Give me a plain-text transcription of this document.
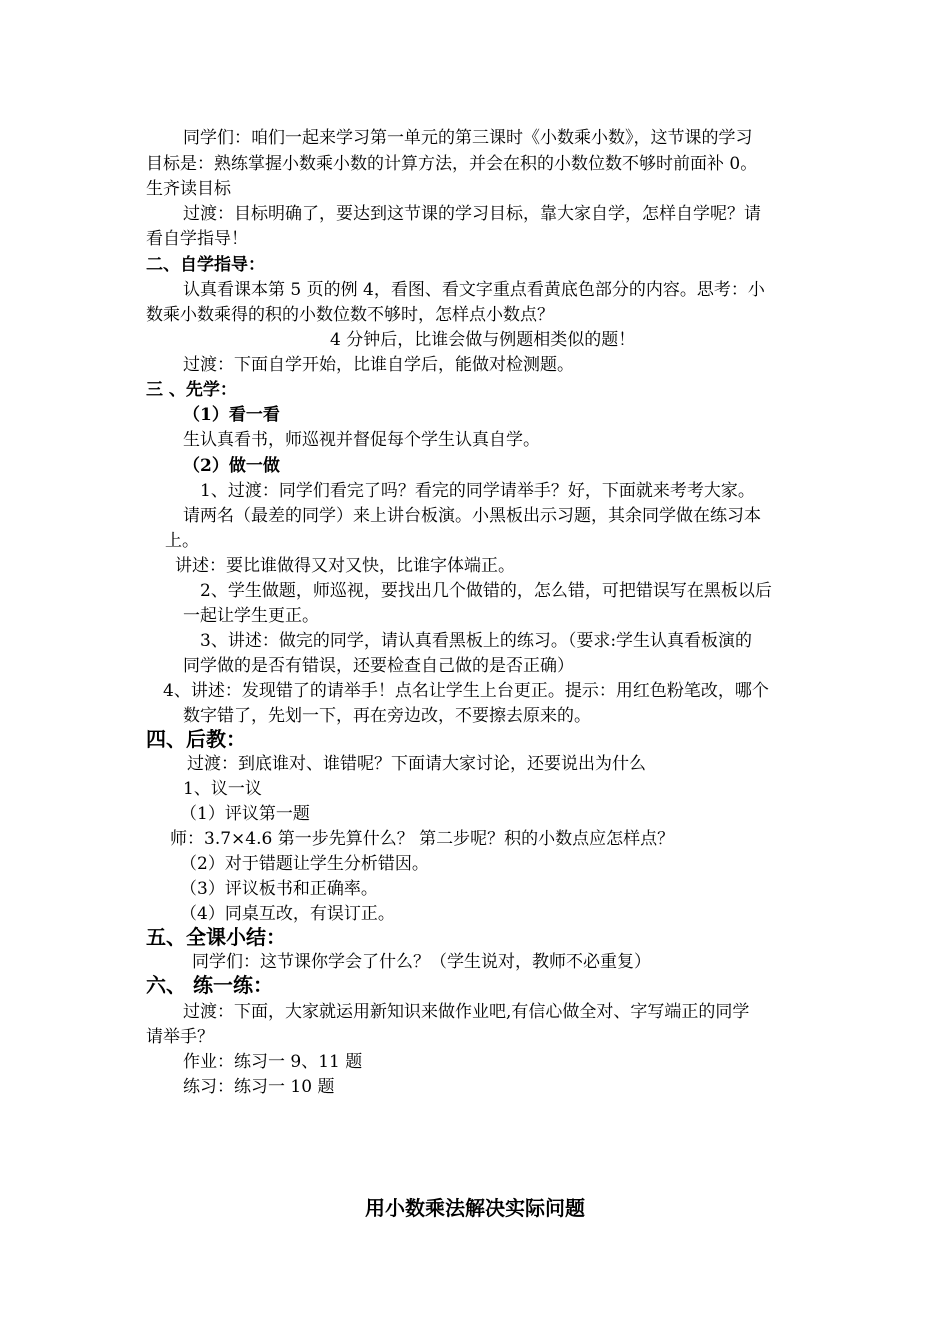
同学们：咱们一起来学习第一单元的第三课时《小数乘小数》，这节课的学习
目标是：熟练掌握小数乘小数的计算方法，并会在积的小数位数不够时前面补 0。
生齐读目标
过渡：目标明确了，要达到这节课的学习目标，靠大家自学，怎样自学呢？请
看自学指导！
二、自学指导：
认真看课本第 5 页的例 4，看图、看文字重点看黄底色部分的内容。思考：小
数乘小数乘得的积的小数位数不够时，怎样点小数点？
4 分钟后，比谁会做与例题相类似的题！
过渡：下面自学开始，比谁自学后，能做对检测题。
三 、先学：
（1）看一看
生认真看书，师巡视并督促每个学生认真自学。
（2）做一做
1、过渡：同学们看完了吗？看完的同学请举手？好，下面就来考考大家。
请两名（最差的同学）来上讲台板演。小黑板出示习题，其余同学做在练习本
上。
讲述：要比谁做得又对又快，比谁字体端正。
2、学生做题，师巡视，要找出几个做错的，怎么错，可把错误写在黑板以后
一起让学生更正。
3、讲述：做完的同学，请认真看黑板上的练习。（要求:学生认真看板演的
同学做的是否有错误，还要检查自己做的是否正确）
4、讲述：发现错了的请举手！点名让学生上台更正。提示：用红色粉笔改，哪个
数字错了，先划一下，再在旁边改，不要擦去原来的。
四、后教：
过渡：到底谁对、谁错呢？下面请大家讨论，还要说出为什么
1、议一议
（1）评议第一题
师：3.7×4.6 第一步先算什么？ 第二步呢？积的小数点应怎样点？
（2）对于错题让学生分析错因。
（3）评议板书和正确率。
（4）同桌互改，有误订正。
五、全课小结：
同学们：这节课你学会了什么？（学生说对，教师不必重复）
六、 练一练：
过渡：下面，大家就运用新知识来做作业吧,有信心做全对、字写端正的同学
请举手？
作业：练习一 9、11 题
练习：练习一 10 题
用小数乘法解决实际问题
